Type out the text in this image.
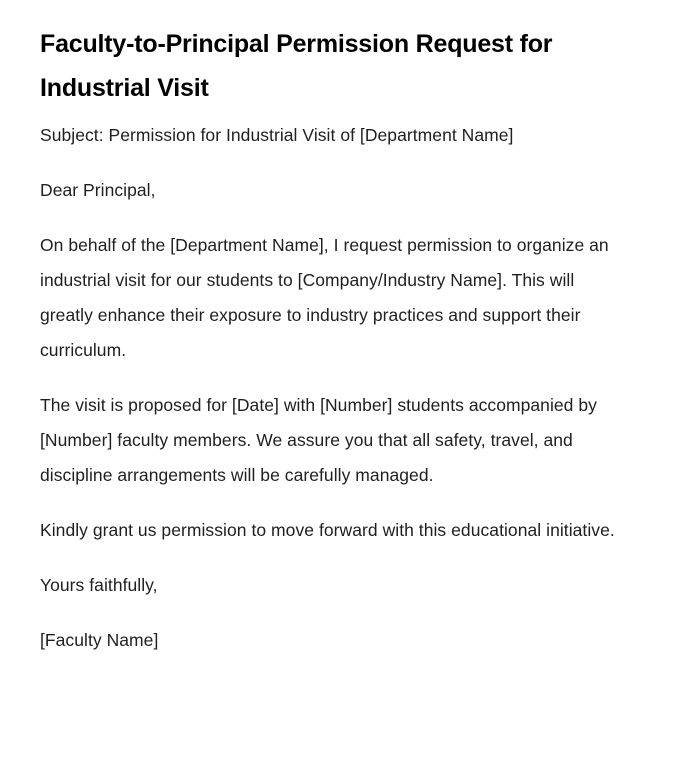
Faculty-to-Principal Permission Request for Industrial Visit

Subject: Permission for Industrial Visit of [Department Name]

Dear Principal,

On behalf of the [Department Name], I request permission to organize an industrial visit for our students to [Company/Industry Name]. This will greatly enhance their exposure to industry practices and support their curriculum.

The visit is proposed for [Date] with [Number] students accompanied by [Number] faculty members. We assure you that all safety, travel, and discipline arrangements will be carefully managed.

Kindly grant us permission to move forward with this educational initiative.

Yours faithfully,

[Faculty Name]
